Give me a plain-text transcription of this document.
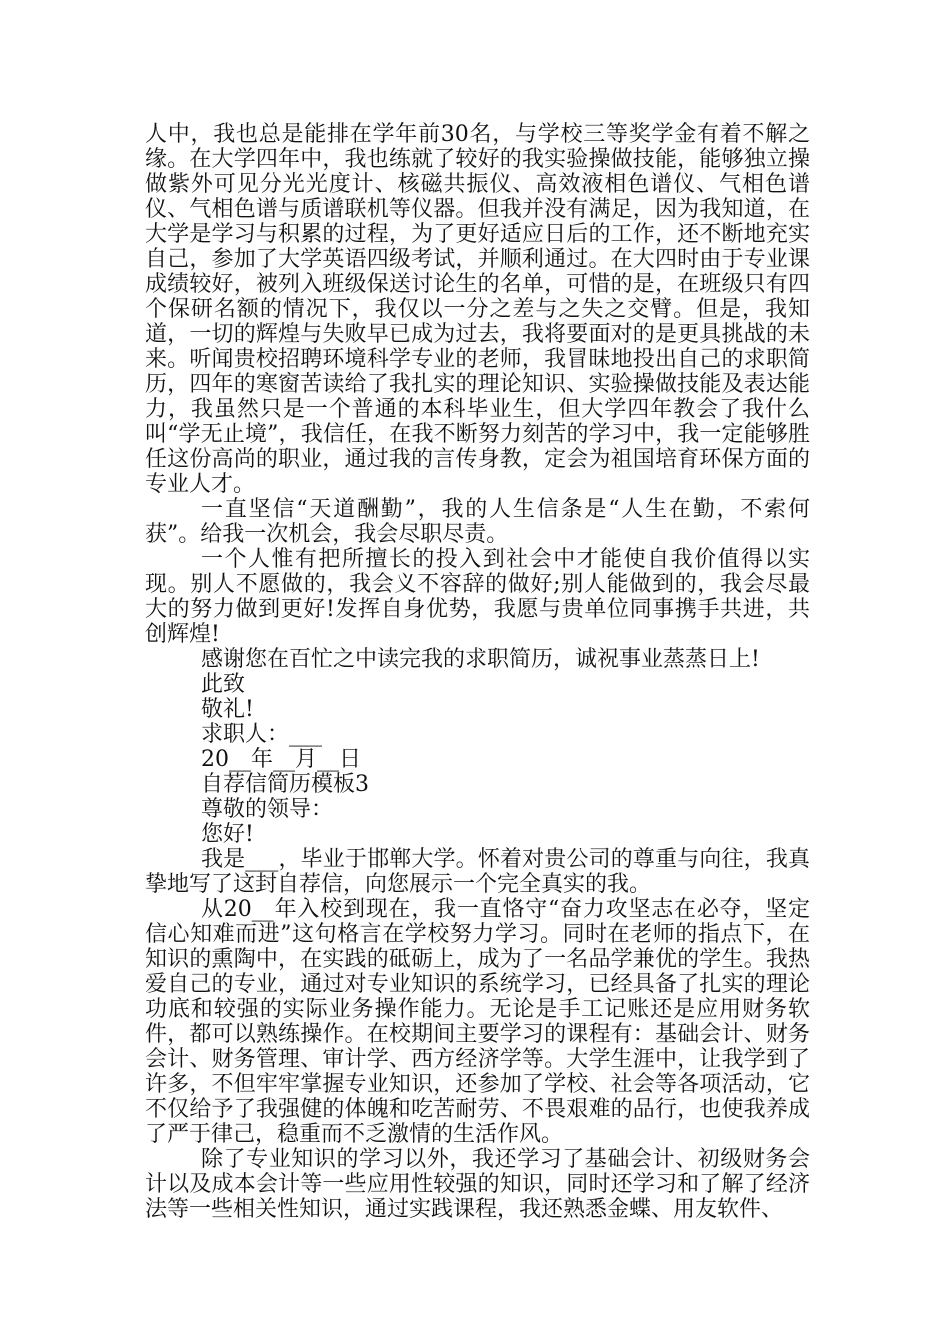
人中，我也总是能排在学年前30名，与学校三等奖学金有着不解之缘。在大学四年中，我也练就了较好的我实验操做技能，能够独立操做紫外可见分光光度计、核磁共振仪、高效液相色谱仪、气相色谱仪、气相色谱与质谱联机等仪器。但我并没有满足，因为我知道，在大学是学习与积累的过程，为了更好适应日后的工作，还不断地充实自己，参加了大学英语四级考试，并顺利通过。在大四时由于专业课成绩较好，被列入班级保送讨论生的名单，可惜的是，在班级只有四个保研名额的情况下，我仅以一分之差与之失之交臂。但是，我知道，一切的辉煌与失败早已成为过去，我将要面对的是更具挑战的未来。听闻贵校招聘环境科学专业的老师，我冒昧地投出自己的求职简历，四年的寒窗苦读给了我扎实的理论知识、实验操做技能及表达能力，我虽然只是一个普通的本科毕业生，但大学四年教会了我什么叫“学无止境”，我信任，在我不断努力刻苦的学习中，我一定能够胜任这份高尚的职业，通过我的言传身教，定会为祖国培育环保方面的专业人才。

一直坚信“天道酬勤”，我的人生信条是“人生在勤，不索何获”。给我一次机会，我会尽职尽责。

一个人惟有把所擅长的投入到社会中才能使自我价值得以实现。别人不愿做的，我会义不容辞的做好;别人能做到的，我会尽最大的努力做到更好!发挥自身优势，我愿与贵单位同事携手共进，共创辉煌!

感谢您在百忙之中读完我的求职简历，诚祝事业蒸蒸日上!

此致

敬礼!

求职人：___

20__年__月__日

自荐信简历模板3

尊敬的领导：

您好!

我是___，毕业于邯郸大学。怀着对贵公司的尊重与向往，我真挚地写了这封自荐信，向您展示一个完全真实的我。

从20__年入校到现在，我一直恪守“奋力攻坚志在必夺，坚定信心知难而进”这句格言在学校努力学习。同时在老师的指点下，在知识的熏陶中，在实践的砥砺上，成为了一名品学兼优的学生。我热爱自己的专业，通过对专业知识的系统学习，已经具备了扎实的理论功底和较强的实际业务操作能力。无论是手工记账还是应用财务软件，都可以熟练操作。在校期间主要学习的课程有：基础会计、财务会计、财务管理、审计学、西方经济学等。大学生涯中，让我学到了许多，不但牢牢掌握专业知识，还参加了学校、社会等各项活动，它不仅给予了我强健的体魄和吃苦耐劳、不畏艰难的品行，也使我养成了严于律己，稳重而不乏激情的生活作风。

除了专业知识的学习以外，我还学习了基础会计、初级财务会计以及成本会计等一些应用性较强的知识，同时还学习和了解了经济法等一些相关性知识，通过实践课程，我还熟悉金蝶、用友软件、
